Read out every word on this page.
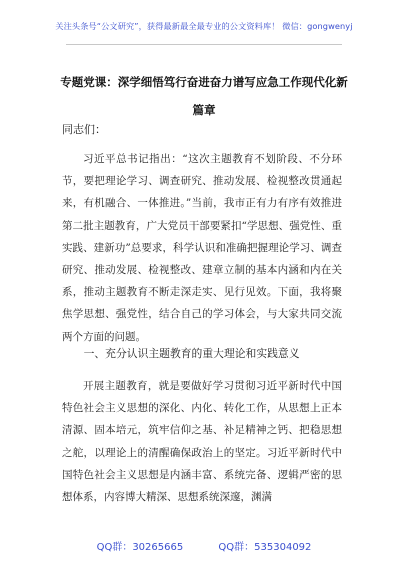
关注头条号“公文研究”，获得最新最全最专业的公文资料库！ 微信：gongwenyj
专题党课：深学细悟笃行奋进奋力谱写应急工作现代化新篇章
同志们：

习近平总书记指出：“这次主题教育不划阶段、不分环节，要把理论学习、调查研究、推动发展、检视整改贯通起来，有机融合、一体推进。”当前，我市正有力有序有效推进第二批主题教育，广大党员干部要紧扣“学思想、强党性、重实践、建新功”总要求，科学认识和准确把握理论学习、调查研究、推动发展、检视整改、建章立制的基本内涵和内在关系，推动主题教育不断走深走实、见行见效。下面，我将聚焦学思想、强党性，结合自己的学习体会，与大家共同交流两个方面的问题。

一、充分认识主题教育的重大理论和实践意义

开展主题教育，就是要做好学习贯彻习近平新时代中国特色社会主义思想的深化、内化、转化工作，从思想上正本清源、固本培元，筑牢信仰之基、补足精神之钙、把稳思想之舵，以理论上的清醒确保政治上的坚定。习近平新时代中国特色社会主义思想是内涵丰富、系统完备、逻辑严密的思想体系，内容博大精深、思想系统深邃，渊满

QQ群：30265665	QQ群：535304092
